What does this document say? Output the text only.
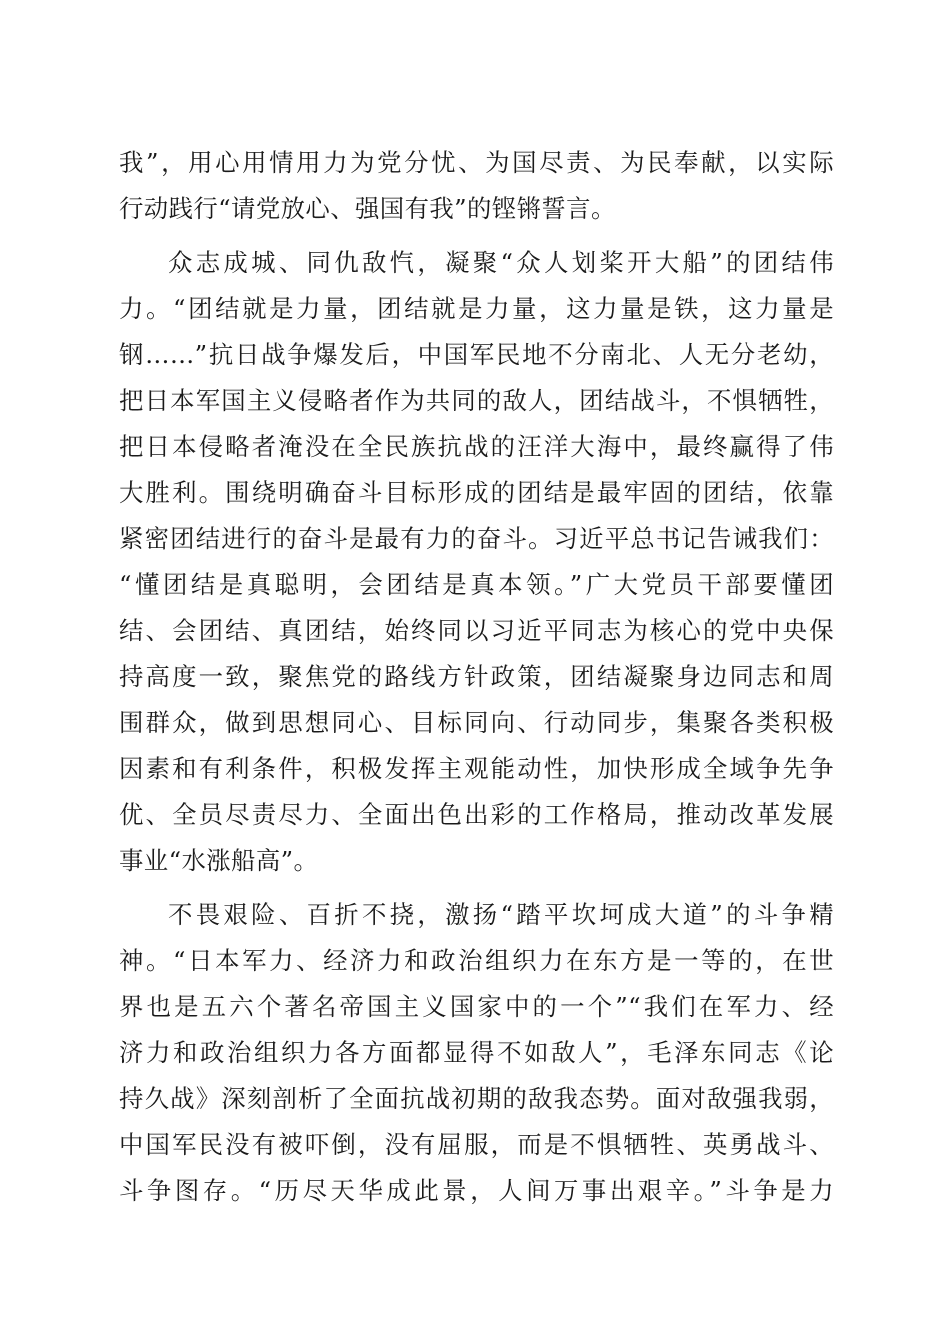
我”，用心用情用力为党分忧、为国尽责、为民奉献，以实际
行动践行“请党放心、强国有我”的铿锵誓言。
众志成城、同仇敌忾，凝聚“众人划桨开大船”的团结伟
力。“团结就是力量，团结就是力量，这力量是铁，这力量是
钢……”抗日战争爆发后，中国军民地不分南北、人无分老幼，
把日本军国主义侵略者作为共同的敌人，团结战斗，不惧牺牲，
把日本侵略者淹没在全民族抗战的汪洋大海中，最终赢得了伟
大胜利。围绕明确奋斗目标形成的团结是最牢固的团结，依靠
紧密团结进行的奋斗是最有力的奋斗。习近平总书记告诫我们：
“懂团结是真聪明，会团结是真本领。”广大党员干部要懂团
结、会团结、真团结，始终同以习近平同志为核心的党中央保
持高度一致，聚焦党的路线方针政策，团结凝聚身边同志和周
围群众，做到思想同心、目标同向、行动同步，集聚各类积极
因素和有利条件，积极发挥主观能动性，加快形成全域争先争
优、全员尽责尽力、全面出色出彩的工作格局，推动改革发展
事业“水涨船高”。
不畏艰险、百折不挠，激扬“踏平坎坷成大道”的斗争精
神。“日本军力、经济力和政治组织力在东方是一等的，在世
界也是五六个著名帝国主义国家中的一个”“我们在军力、经
济力和政治组织力各方面都显得不如敌人”，毛泽东同志《论
持久战》深刻剖析了全面抗战初期的敌我态势。面对敌强我弱，
中国军民没有被吓倒，没有屈服，而是不惧牺牲、英勇战斗、
斗争图存。“历尽天华成此景，人间万事出艰辛。”斗争是力
